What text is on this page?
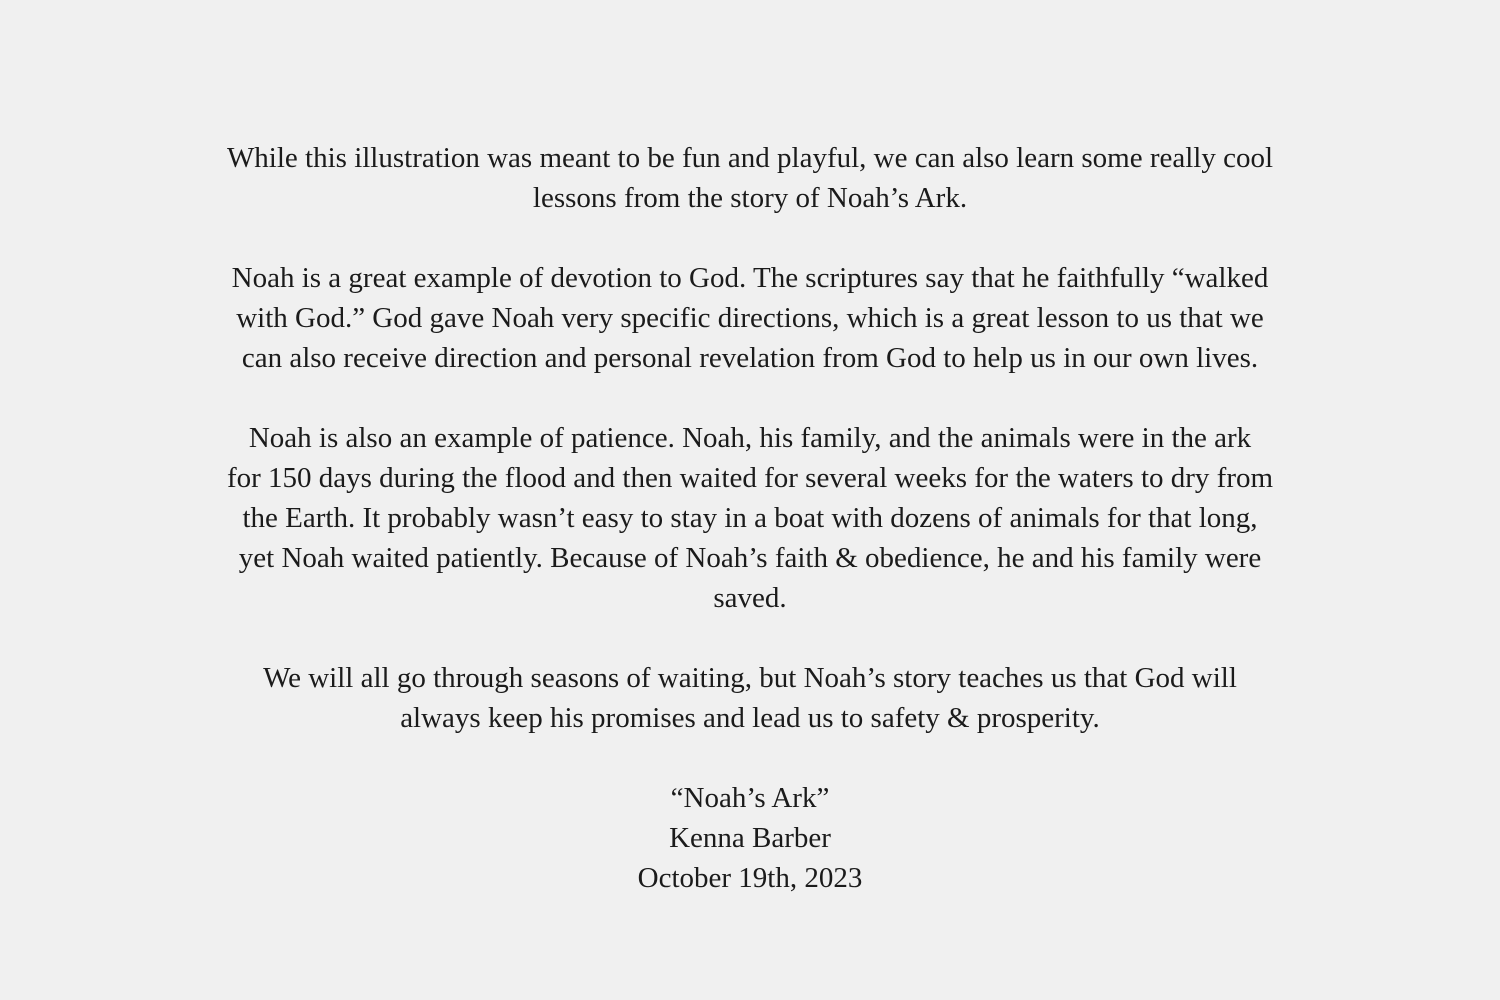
While this illustration was meant to be fun and playful, we can also learn some really cool
lessons from the story of Noah’s Ark.

Noah is a great example of devotion to God. The scriptures say that he faithfully “walked
with God.” God gave Noah very specific directions, which is a great lesson to us that we
can also receive direction and personal revelation from God to help us in our own lives.

Noah is also an example of patience. Noah, his family, and the animals were in the ark
for 150 days during the flood and then waited for several weeks for the waters to dry from
the Earth. It probably wasn’t easy to stay in a boat with dozens of animals for that long,
yet Noah waited patiently. Because of Noah’s faith & obedience, he and his family were
saved.

We will all go through seasons of waiting, but Noah’s story teaches us that God will
always keep his promises and lead us to safety & prosperity.

“Noah’s Ark”
Kenna Barber
October 19th, 2023
